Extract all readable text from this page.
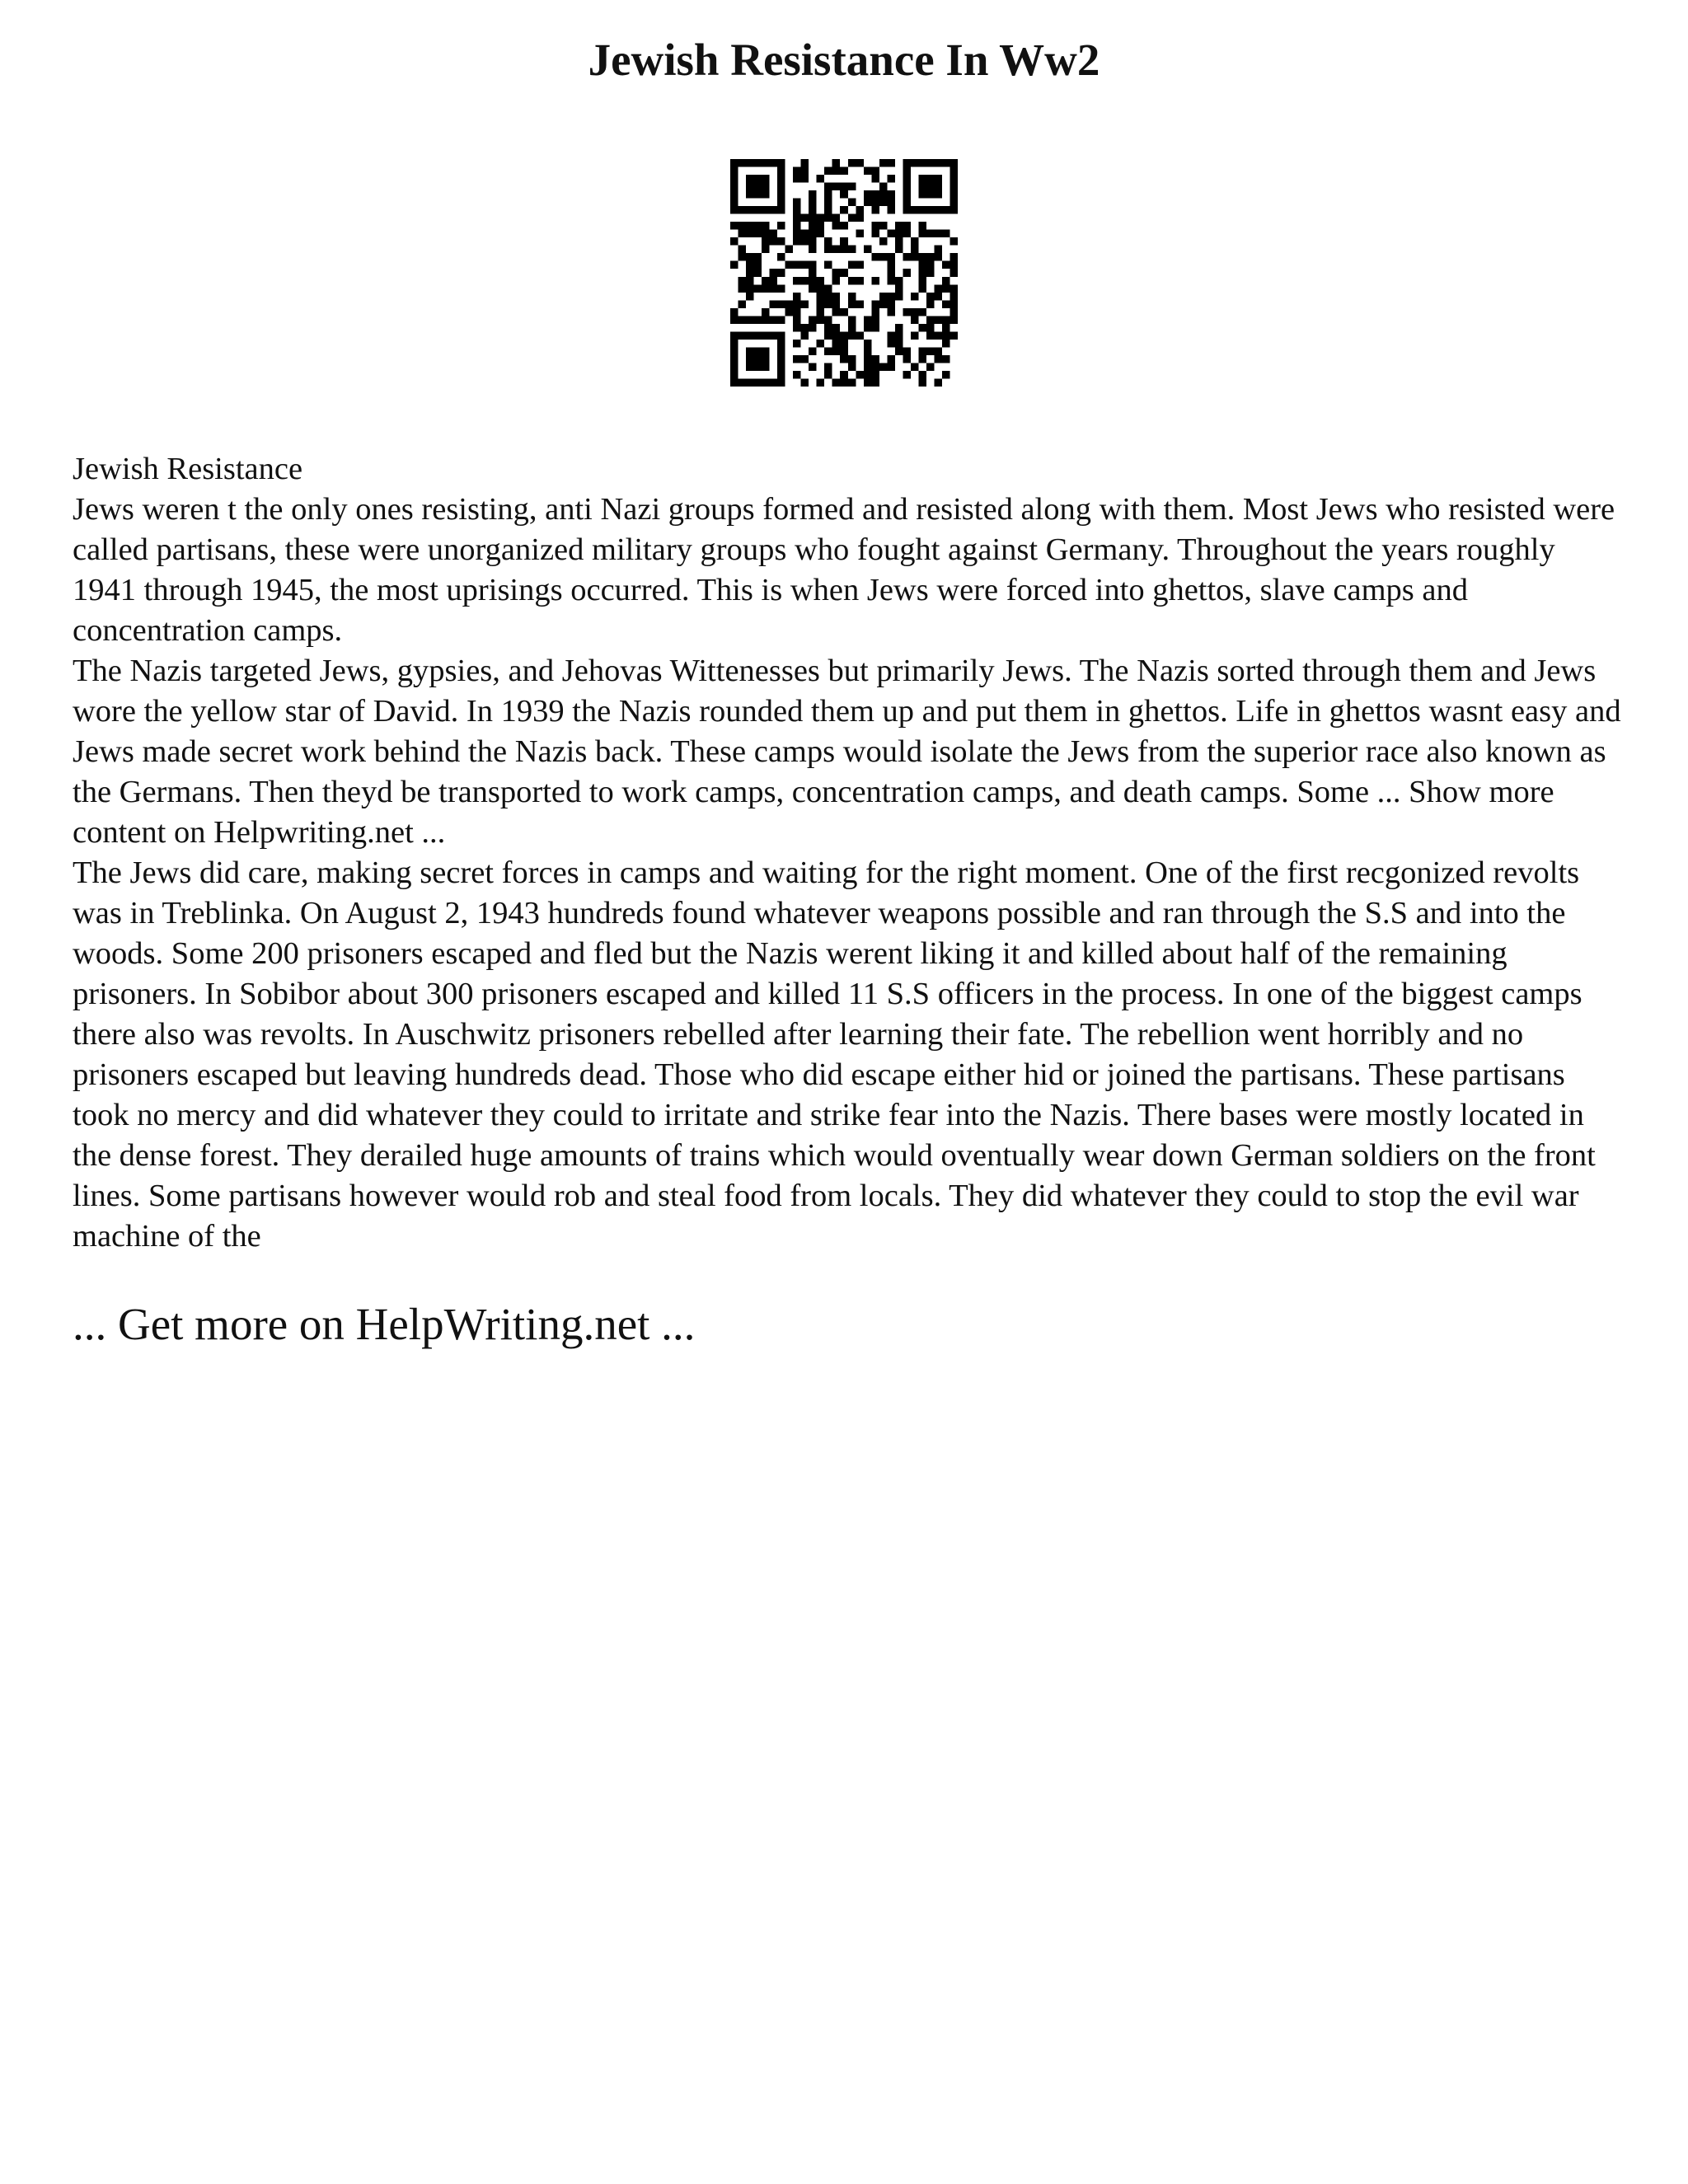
Jewish Resistance In Ww2

Jewish Resistance

Jews weren t the only ones resisting, anti Nazi groups formed and resisted along with them. Most Jews who resisted were called partisans, these were unorganized military groups who fought against Germany. Throughout the years roughly 1941 through 1945, the most uprisings occurred. This is when Jews were forced into ghettos, slave camps and concentration camps.

The Nazis targeted Jews, gypsies, and Jehovas Wittenesses but primarily Jews. The Nazis sorted through them and Jews wore the yellow star of David. In 1939 the Nazis rounded them up and put them in ghettos. Life in ghettos wasnt easy and Jews made secret work behind the Nazis back. These camps would isolate the Jews from the superior race also known as the Germans. Then theyd be transported to work camps, concentration camps, and death camps. Some ... Show more content on Helpwriting.net ...

The Jews did care, making secret forces in camps and waiting for the right moment. One of the first recgonized revolts was in Treblinka. On August 2, 1943 hundreds found whatever weapons possible and ran through the S.S and into the woods. Some 200 prisoners escaped and fled but the Nazis werent liking it and killed about half of the remaining prisoners. In Sobibor about 300 prisoners escaped and killed 11 S.S officers in the process. In one of the biggest camps there also was revolts. In Auschwitz prisoners rebelled after learning their fate. The rebellion went horribly and no prisoners escaped but leaving hundreds dead. Those who did escape either hid or joined the partisans. These partisans took no mercy and did whatever they could to irritate and strike fear into the Nazis. There bases were mostly located in the dense forest. They derailed huge amounts of trains which would oventually wear down German soldiers on the front lines. Some partisans however would rob and steal food from locals. They did whatever they could to stop the evil war machine of the

... Get more on HelpWriting.net ...
